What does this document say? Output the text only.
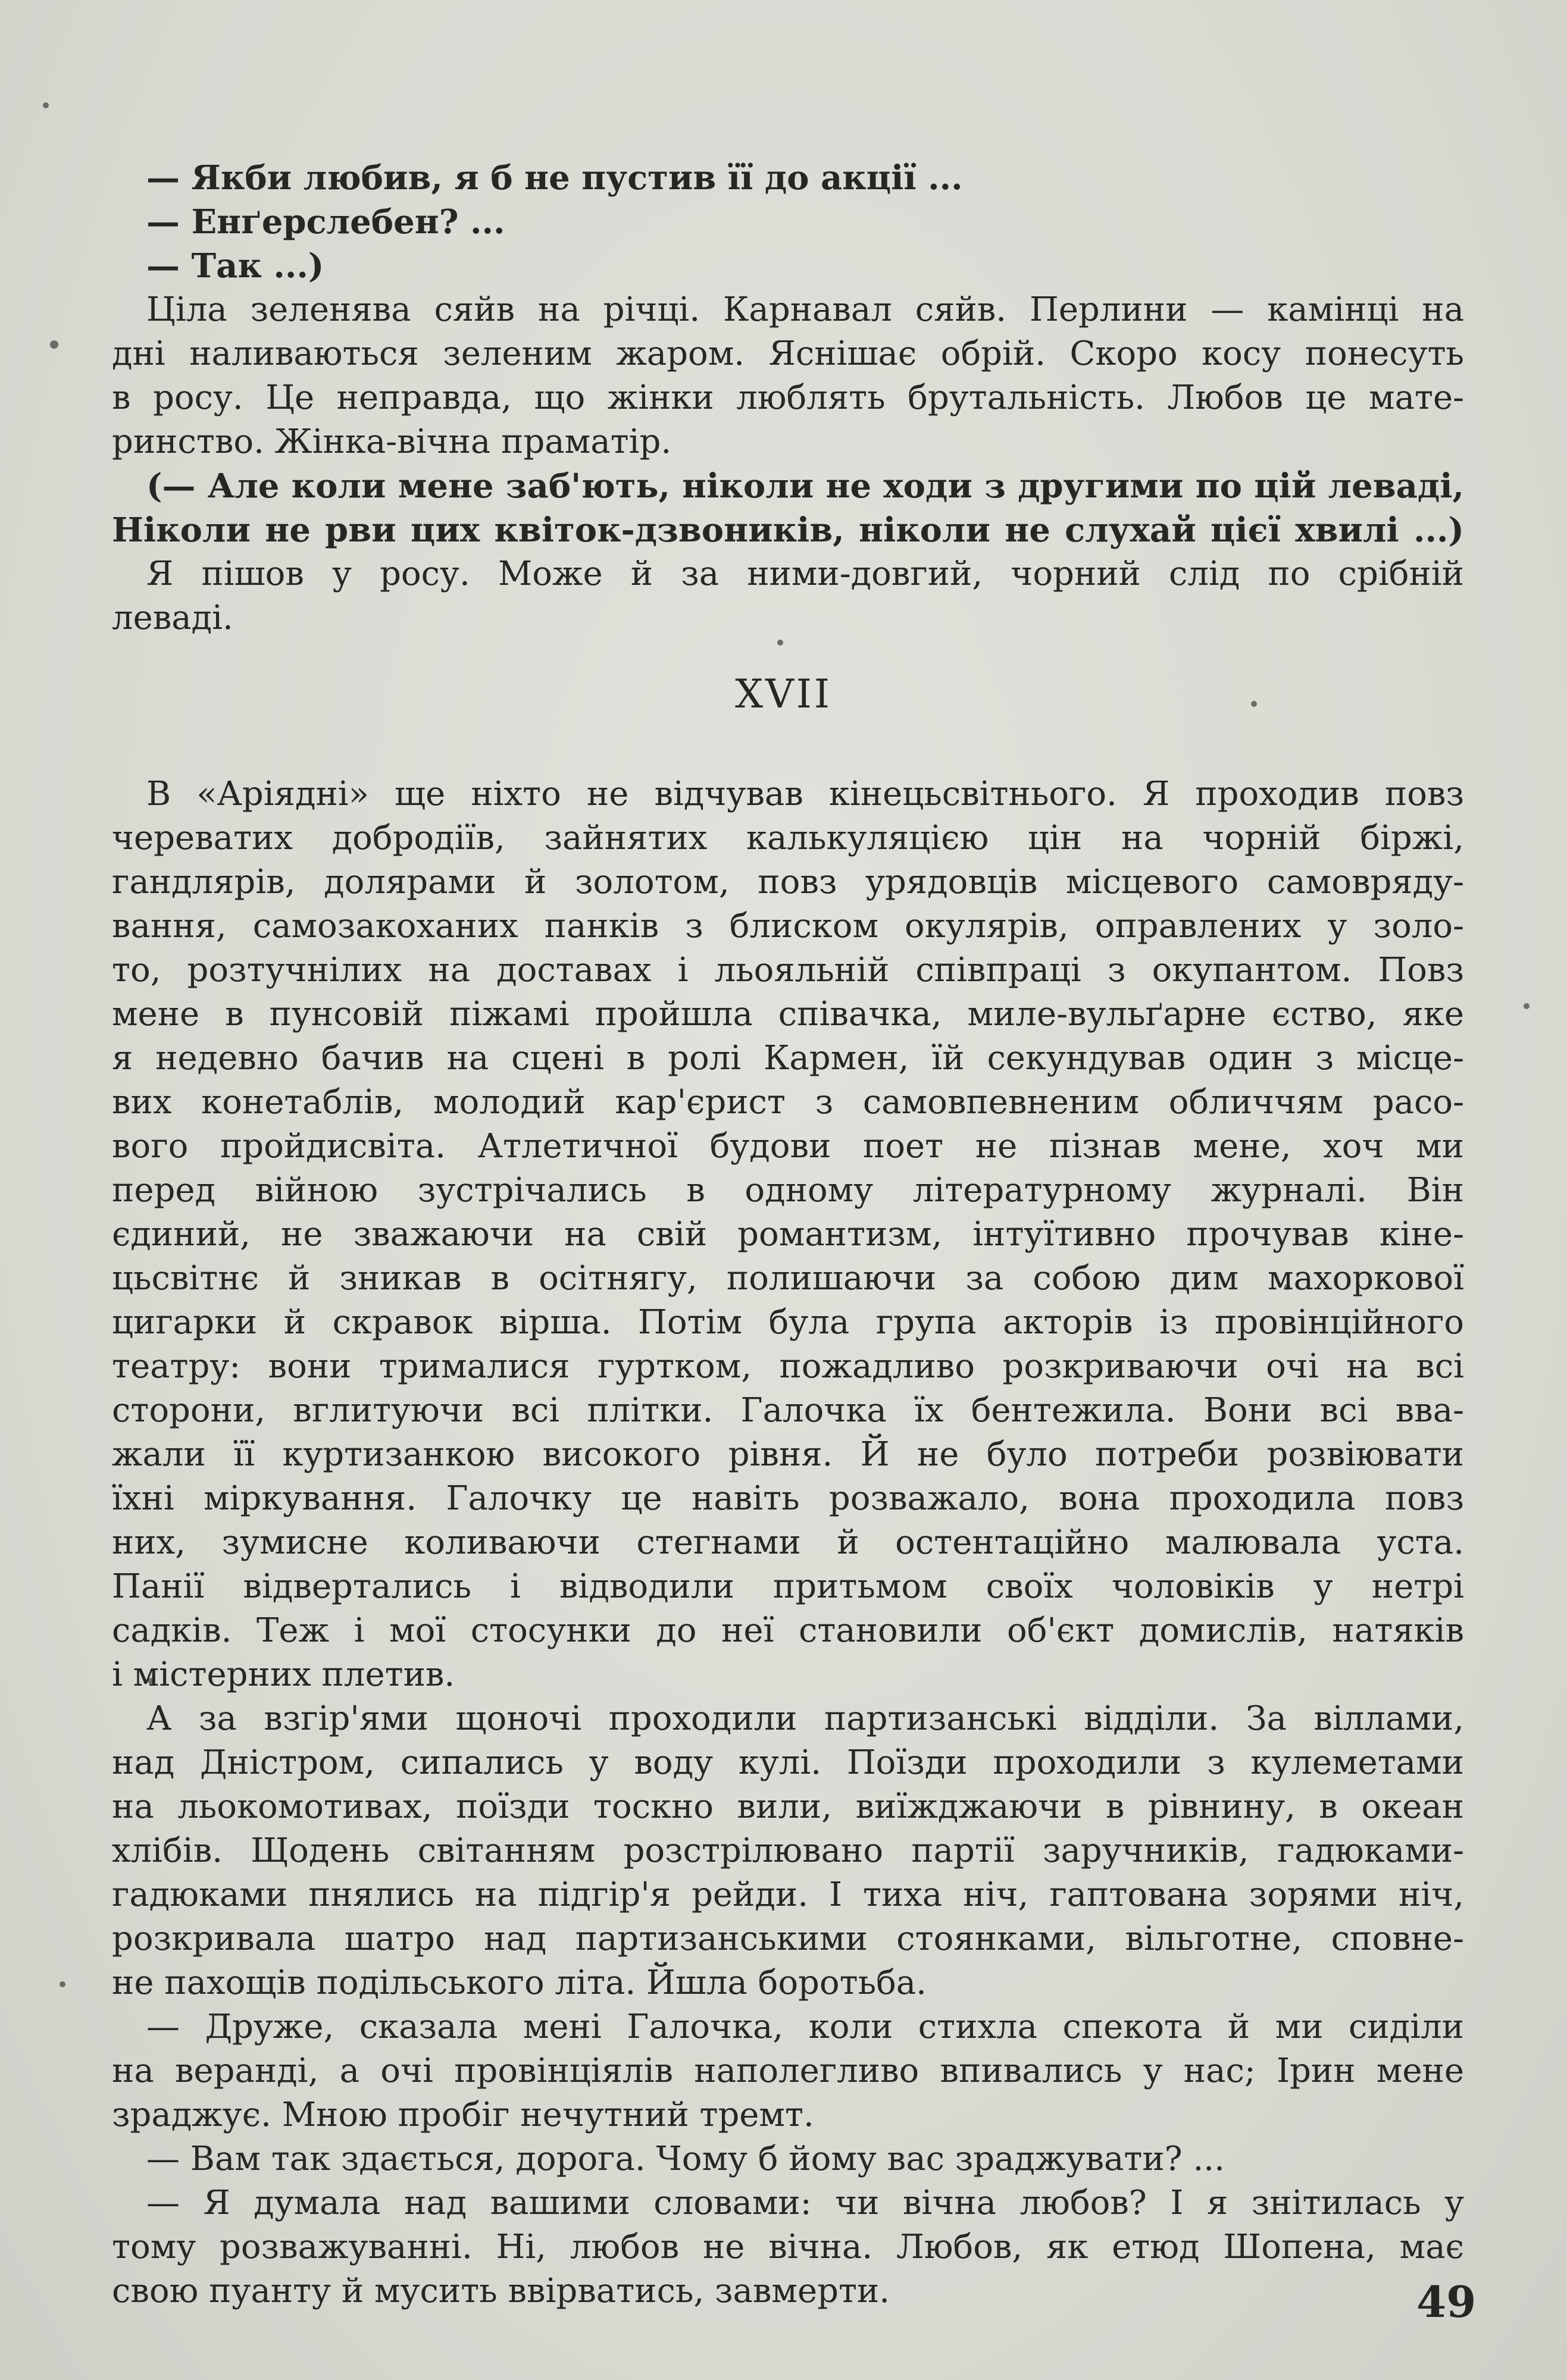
— Якби любив, я б не пустив її до акції ...
— Енґерслебен? ...
— Так ...)
Ціла зеленява сяйв на річці. Карнавал сяйв. Перлини — камінці на
дні наливаються зеленим жаром. Яснішає обрій. Скоро косу понесуть
в росу. Це неправда, що жінки люблять брутальність. Любов це мате-
ринство. Жінка-вічна праматір.
(— Але коли мене заб'ють, ніколи не ходи з другими по цій леваді,
Ніколи не рви цих квіток-дзвоників, ніколи не слухай цієї хвилі ...)
Я пішов у росу. Може й за ними-довгий, чорний слід по срібній
леваді.
В «Аріядні» ще ніхто не відчував кінецьсвітнього. Я проходив повз
череватих добродіїв, зайнятих калькуляцією цін на чорній біржі,
гандлярів, долярами й золотом, повз урядовців місцевого самовряду-
вання, самозакоханих панків з блиском окулярів, оправлених у золо-
то, розтучнілих на доставах і льояльній співпраці з окупантом. Повз
мене в пунсовій піжамі пройшла співачка, миле-вульґарне єство, яке
я недевно бачив на сцені в ролі Кармен, їй секундував один з місце-
вих конетаблів, молодий кар'єрист з самовпевненим обличчям расо-
вого пройдисвіта. Атлетичної будови поет не пізнав мене, хоч ми
перед війною зустрічались в одному літературному журналі. Він
єдиний, не зважаючи на свій романтизм, інтуїтивно прочував кіне-
цьсвітнє й зникав в осітнягу, полишаючи за собою дим махоркової
цигарки й скравок вірша. Потім була група акторів із провінційного
театру: вони трималися гуртком, пожадливо розкриваючи очі на всі
сторони, вглитуючи всі плітки. Галочка їх бентежила. Вони всі вва-
жали її куртизанкою високого рівня. Й не було потреби розвіювати
їхні міркування. Галочку це навіть розважало, вона проходила повз
них, зумисне коливаючи стегнами й остентаційно малювала уста.
Панії відвертались і відводили притьмом своїх чоловіків у нетрі
садків. Теж і мої стосунки до неї становили об'єкт домислів, натяків
і містерних плетив.
А за взгір'ями щоночі проходили партизанські відділи. За віллами,
над Дністром, сипались у воду кулі. Поїзди проходили з кулеметами
на льокомотивах, поїзди тоскно вили, виїжджаючи в рівнину, в океан
хлібів. Щодень світанням розстрілювано партії заручників, гадюками-
гадюками пнялись на підгір'я рейди. І тиха ніч, гаптована зорями ніч,
розкривала шатро над партизанськими стоянками, вільготне, сповне-
не пахощів подільського літа. Йшла боротьба.
— Друже, сказала мені Галочка, коли стихла спекота й ми сиділи
на веранді, а очі провінціялів наполегливо впивались у нас; Ірин мене
зраджує. Мною пробіг нечутний тремт.
— Вам так здається, дорога. Чому б йому вас зраджувати? ...
— Я думала над вашими словами: чи вічна любов? І я знітилась у
тому розважуванні. Ні, любов не вічна. Любов, як етюд Шопена, має
свою пуанту й мусить ввірватись, завмерти.
XVII
49
